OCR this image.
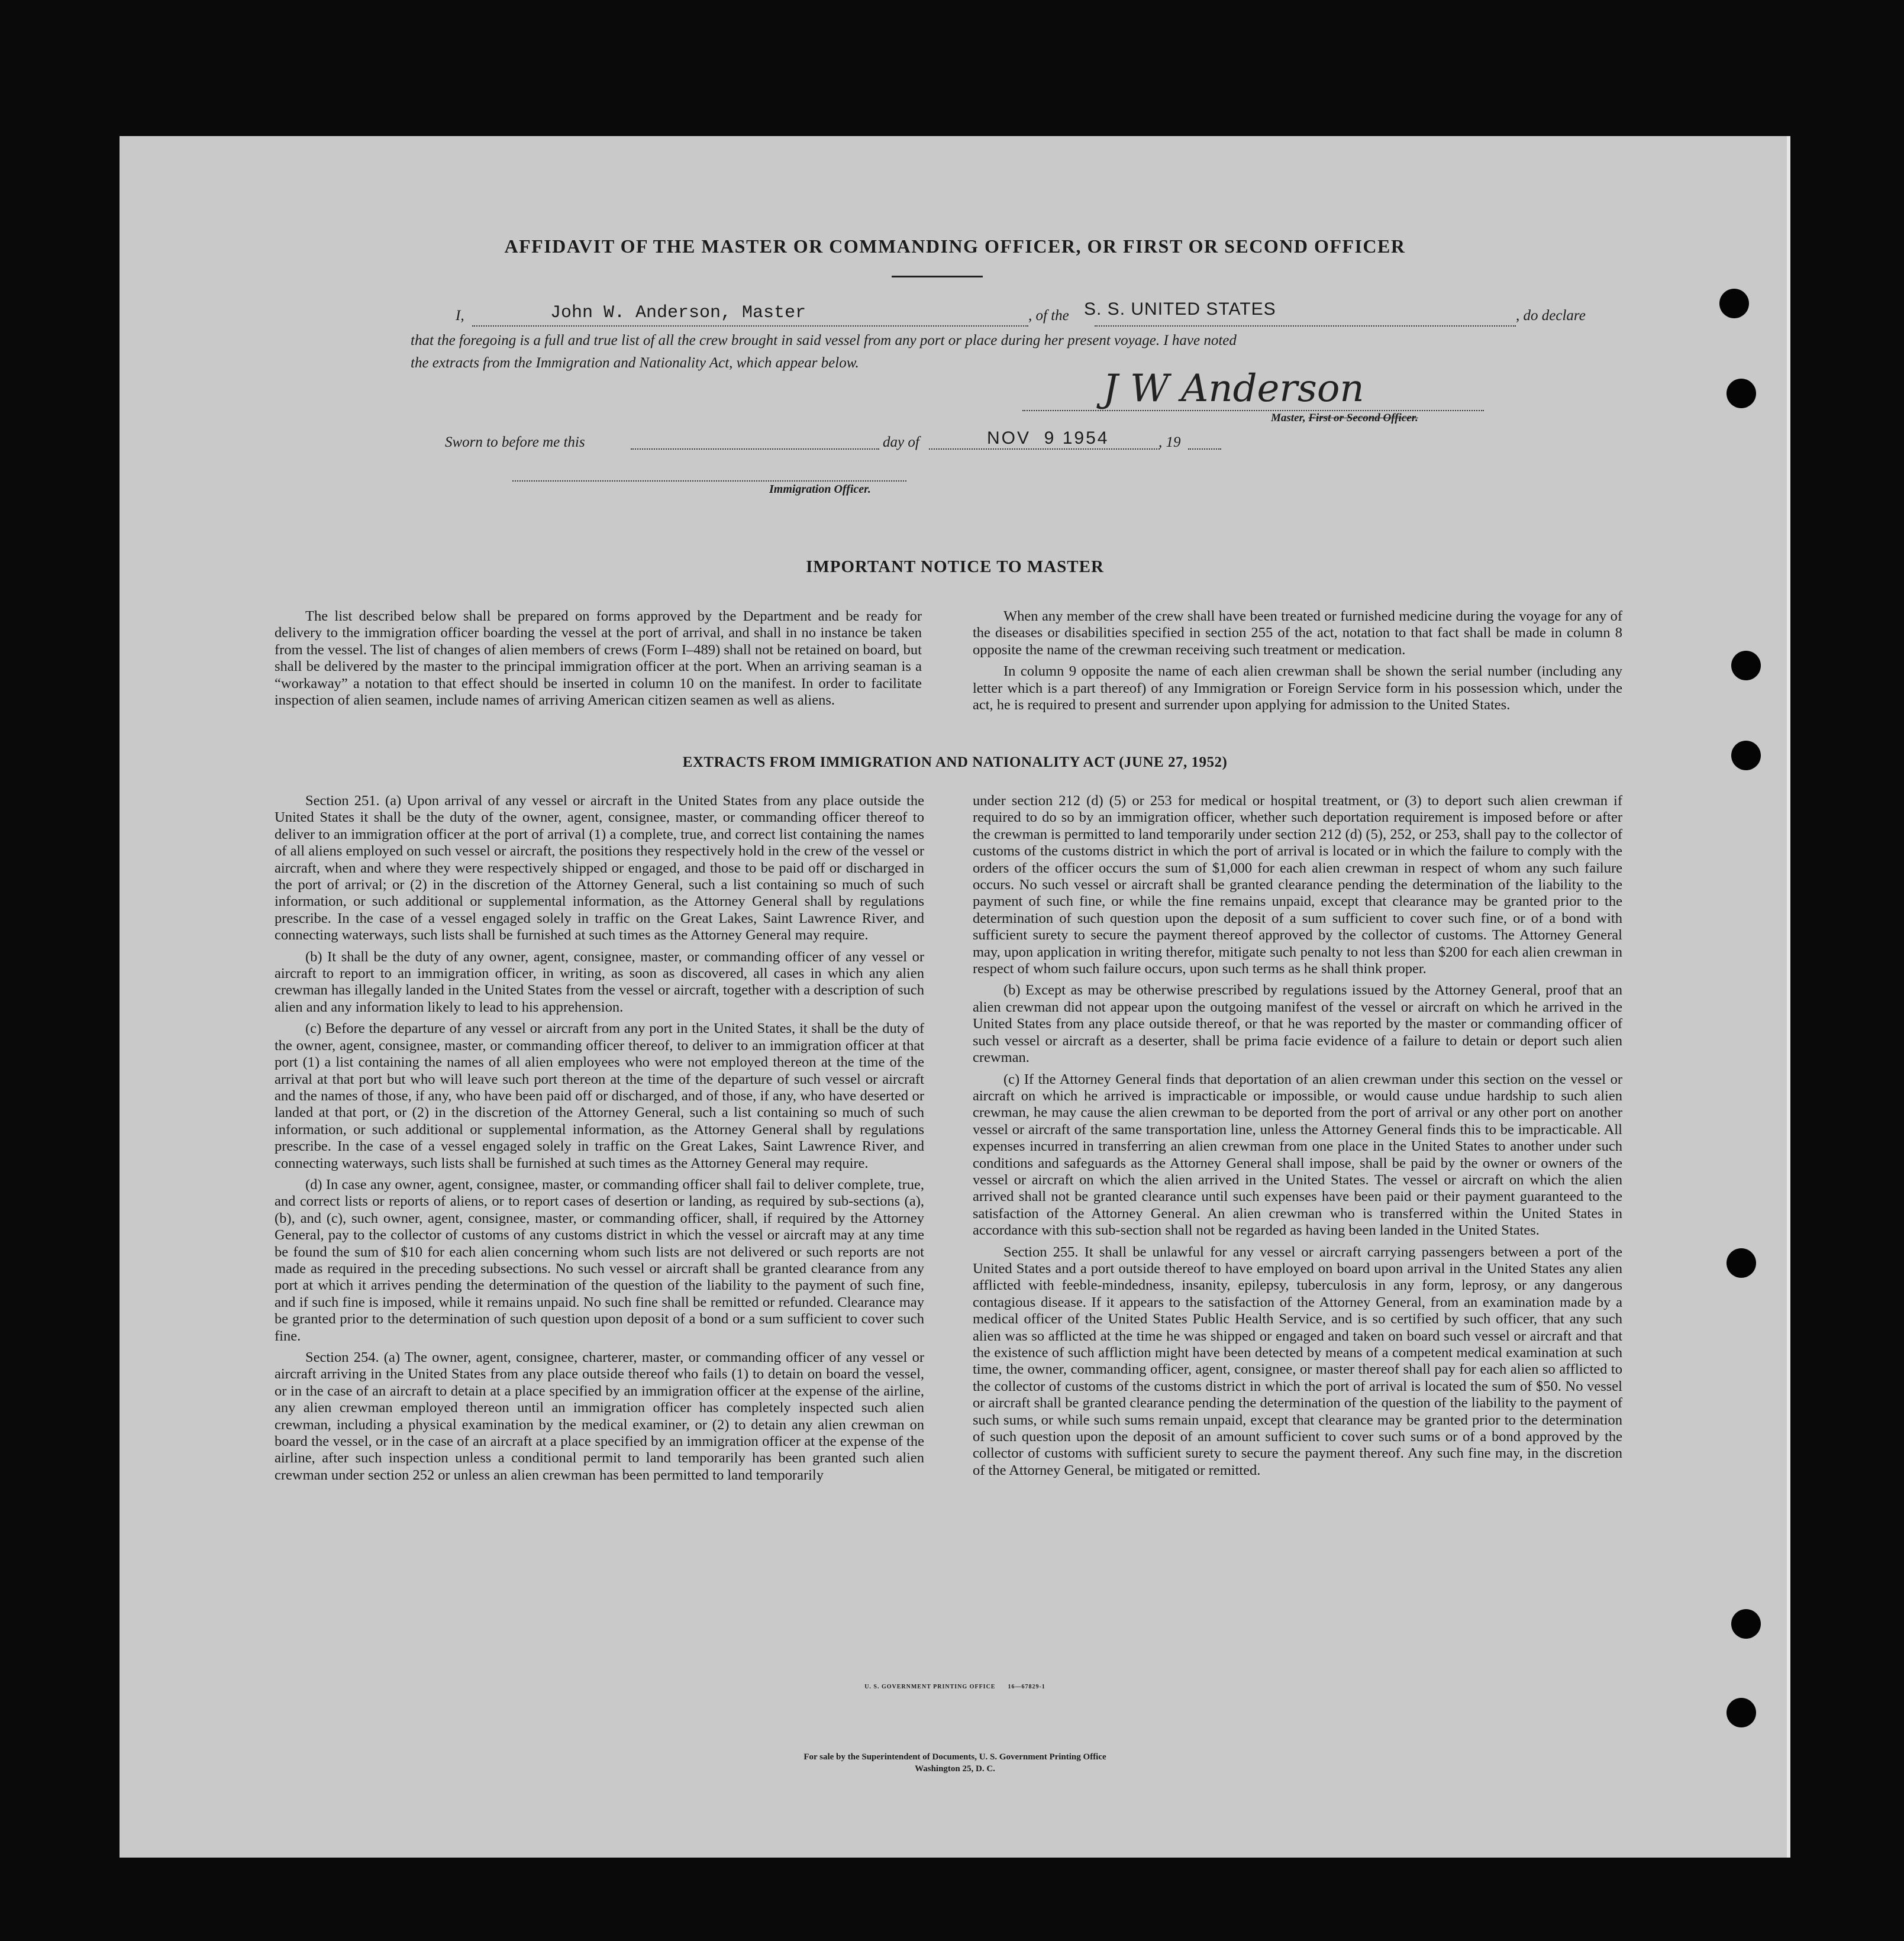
AFFIDAVIT OF THE MASTER OR COMMANDING OFFICER, OR FIRST OR SECOND OFFICER
I,	John W. Anderson, Master	, of the S. S. UNITED STATES	, do declare
that the foregoing is a full and true list of all the crew brought in said vessel from any port or place during her present voyage. I have noted
the extracts from the Immigration and Nationality Act, which appear below.
J W Anderson
Master, First or Second Officer.
Sworn to before me this	day of	NOV  9 1954	, 19
Immigration Officer.
IMPORTANT NOTICE TO MASTER

The list described below shall be prepared on forms approved by the Department and be ready for delivery to the immigration officer boarding the vessel at the port of arrival, and shall in no instance be taken from the vessel. The list of changes of alien members of crews (Form I–489) shall not be retained on board, but shall be delivered by the master to the principal immigration officer at the port. When an arriving seaman is a “workaway” a notation to that effect should be inserted in column 10 on the manifest. In order to facilitate inspection of alien seamen, include names of arriving American citizen seamen as well as aliens.

When any member of the crew shall have been treated or furnished medicine during the voyage for any of the diseases or disabilities specified in section 255 of the act, notation to that fact shall be made in column 8 opposite the name of the crewman receiving such treatment or medication.

In column 9 opposite the name of each alien crewman shall be shown the serial number (including any letter which is a part thereof) of any Immigration or Foreign Service form in his possession which, under the act, he is required to present and surrender upon applying for admission to the United States.

EXTRACTS FROM IMMIGRATION AND NATIONALITY ACT (JUNE 27, 1952)

Section 251. (a) Upon arrival of any vessel or aircraft in the United States from any place outside the United States it shall be the duty of the owner, agent, consignee, master, or commanding officer thereof to deliver to an immigration officer at the port of arrival (1) a complete, true, and correct list containing the names of all aliens employed on such vessel or aircraft, the positions they respectively hold in the crew of the vessel or aircraft, when and where they were respectively shipped or engaged, and those to be paid off or discharged in the port of arrival; or (2) in the discretion of the Attorney General, such a list containing so much of such information, or such additional or supplemental information, as the Attorney General shall by regulations prescribe. In the case of a vessel engaged solely in traffic on the Great Lakes, Saint Lawrence River, and connecting waterways, such lists shall be furnished at such times as the Attorney General may require.

(b) It shall be the duty of any owner, agent, consignee, master, or commanding officer of any vessel or aircraft to report to an immigration officer, in writing, as soon as discovered, all cases in which any alien crewman has illegally landed in the United States from the vessel or aircraft, together with a description of such alien and any information likely to lead to his apprehension.

(c) Before the departure of any vessel or aircraft from any port in the United States, it shall be the duty of the owner, agent, consignee, master, or commanding officer thereof, to deliver to an immigration officer at that port (1) a list containing the names of all alien employees who were not employed thereon at the time of the arrival at that port but who will leave such port thereon at the time of the departure of such vessel or aircraft and the names of those, if any, who have been paid off or discharged, and of those, if any, who have deserted or landed at that port, or (2) in the discretion of the Attorney General, such a list containing so much of such information, or such additional or supplemental information, as the Attorney General shall by regulations prescribe. In the case of a vessel engaged solely in traffic on the Great Lakes, Saint Lawrence River, and connecting waterways, such lists shall be furnished at such times as the Attorney General may require.

(d) In case any owner, agent, consignee, master, or commanding officer shall fail to deliver complete, true, and correct lists or reports of aliens, or to report cases of desertion or landing, as required by sub-sections (a), (b), and (c), such owner, agent, consignee, master, or commanding officer, shall, if required by the Attorney General, pay to the collector of customs of any customs district in which the vessel or aircraft may at any time be found the sum of $10 for each alien concerning whom such lists are not delivered or such reports are not made as required in the preceding subsections. No such vessel or aircraft shall be granted clearance from any port at which it arrives pending the determination of the question of the liability to the payment of such fine, and if such fine is imposed, while it remains unpaid. No such fine shall be remitted or refunded. Clearance may be granted prior to the determination of such question upon deposit of a bond or a sum sufficient to cover such fine.

Section 254. (a) The owner, agent, consignee, charterer, master, or commanding officer of any vessel or aircraft arriving in the United States from any place outside thereof who fails (1) to detain on board the vessel, or in the case of an aircraft to detain at a place specified by an immigration officer at the expense of the airline, any alien crewman employed thereon until an immigration officer has completely inspected such alien crewman, including a physical examination by the medical examiner, or (2) to detain any alien crewman on board the vessel, or in the case of an aircraft at a place specified by an immigration officer at the expense of the airline, after such inspection unless a conditional permit to land temporarily has been granted such alien crewman under section 252 or unless an alien crewman has been permitted to land temporarily

under section 212 (d) (5) or 253 for medical or hospital treatment, or (3) to deport such alien crewman if required to do so by an immigration officer, whether such deportation requirement is imposed before or after the crewman is permitted to land temporarily under section 212 (d) (5), 252, or 253, shall pay to the collector of customs of the customs district in which the port of arrival is located or in which the failure to comply with the orders of the officer occurs the sum of $1,000 for each alien crewman in respect of whom any such failure occurs. No such vessel or aircraft shall be granted clearance pending the determination of the liability to the payment of such fine, or while the fine remains unpaid, except that clearance may be granted prior to the determination of such question upon the deposit of a sum sufficient to cover such fine, or of a bond with sufficient surety to secure the payment thereof approved by the collector of customs. The Attorney General may, upon application in writing therefor, mitigate such penalty to not less than $200 for each alien crewman in respect of whom such failure occurs, upon such terms as he shall think proper.

(b) Except as may be otherwise prescribed by regulations issued by the Attorney General, proof that an alien crewman did not appear upon the outgoing manifest of the vessel or aircraft on which he arrived in the United States from any place outside thereof, or that he was reported by the master or commanding officer of such vessel or aircraft as a deserter, shall be prima facie evidence of a failure to detain or deport such alien crewman.

(c) If the Attorney General finds that deportation of an alien crewman under this section on the vessel or aircraft on which he arrived is impracticable or impossible, or would cause undue hardship to such alien crewman, he may cause the alien crewman to be deported from the port of arrival or any other port on another vessel or aircraft of the same transportation line, unless the Attorney General finds this to be impracticable. All expenses incurred in transferring an alien crewman from one place in the United States to another under such conditions and safeguards as the Attorney General shall impose, shall be paid by the owner or owners of the vessel or aircraft on which the alien arrived in the United States. The vessel or aircraft on which the alien arrived shall not be granted clearance until such expenses have been paid or their payment guaranteed to the satisfaction of the Attorney General. An alien crewman who is transferred within the United States in accordance with this sub-section shall not be regarded as having been landed in the United States.

Section 255. It shall be unlawful for any vessel or aircraft carrying passengers between a port of the United States and a port outside thereof to have employed on board upon arrival in the United States any alien afflicted with feeble-mindedness, insanity, epilepsy, tuberculosis in any form, leprosy, or any dangerous contagious disease. If it appears to the satisfaction of the Attorney General, from an examination made by a medical officer of the United States Public Health Service, and is so certified by such officer, that any such alien was so afflicted at the time he was shipped or engaged and taken on board such vessel or aircraft and that the existence of such affliction might have been detected by means of a competent medical examination at such time, the owner, commanding officer, agent, consignee, or master thereof shall pay for each alien so afflicted to the collector of customs of the customs district in which the port of arrival is located the sum of $50. No vessel or aircraft shall be granted clearance pending the determination of the question of the liability to the payment of such sums, or while such sums remain unpaid, except that clearance may be granted prior to the determination of such question upon the deposit of an amount sufficient to cover such sums or of a bond approved by the collector of customs with sufficient surety to secure the payment thereof. Any such fine may, in the discretion of the Attorney General, be mitigated or remitted.

U. S. GOVERNMENT PRINTING OFFICE      16—67829-1
For sale by the Superintendent of Documents, U. S. Government Printing Office
Washington 25, D. C.
